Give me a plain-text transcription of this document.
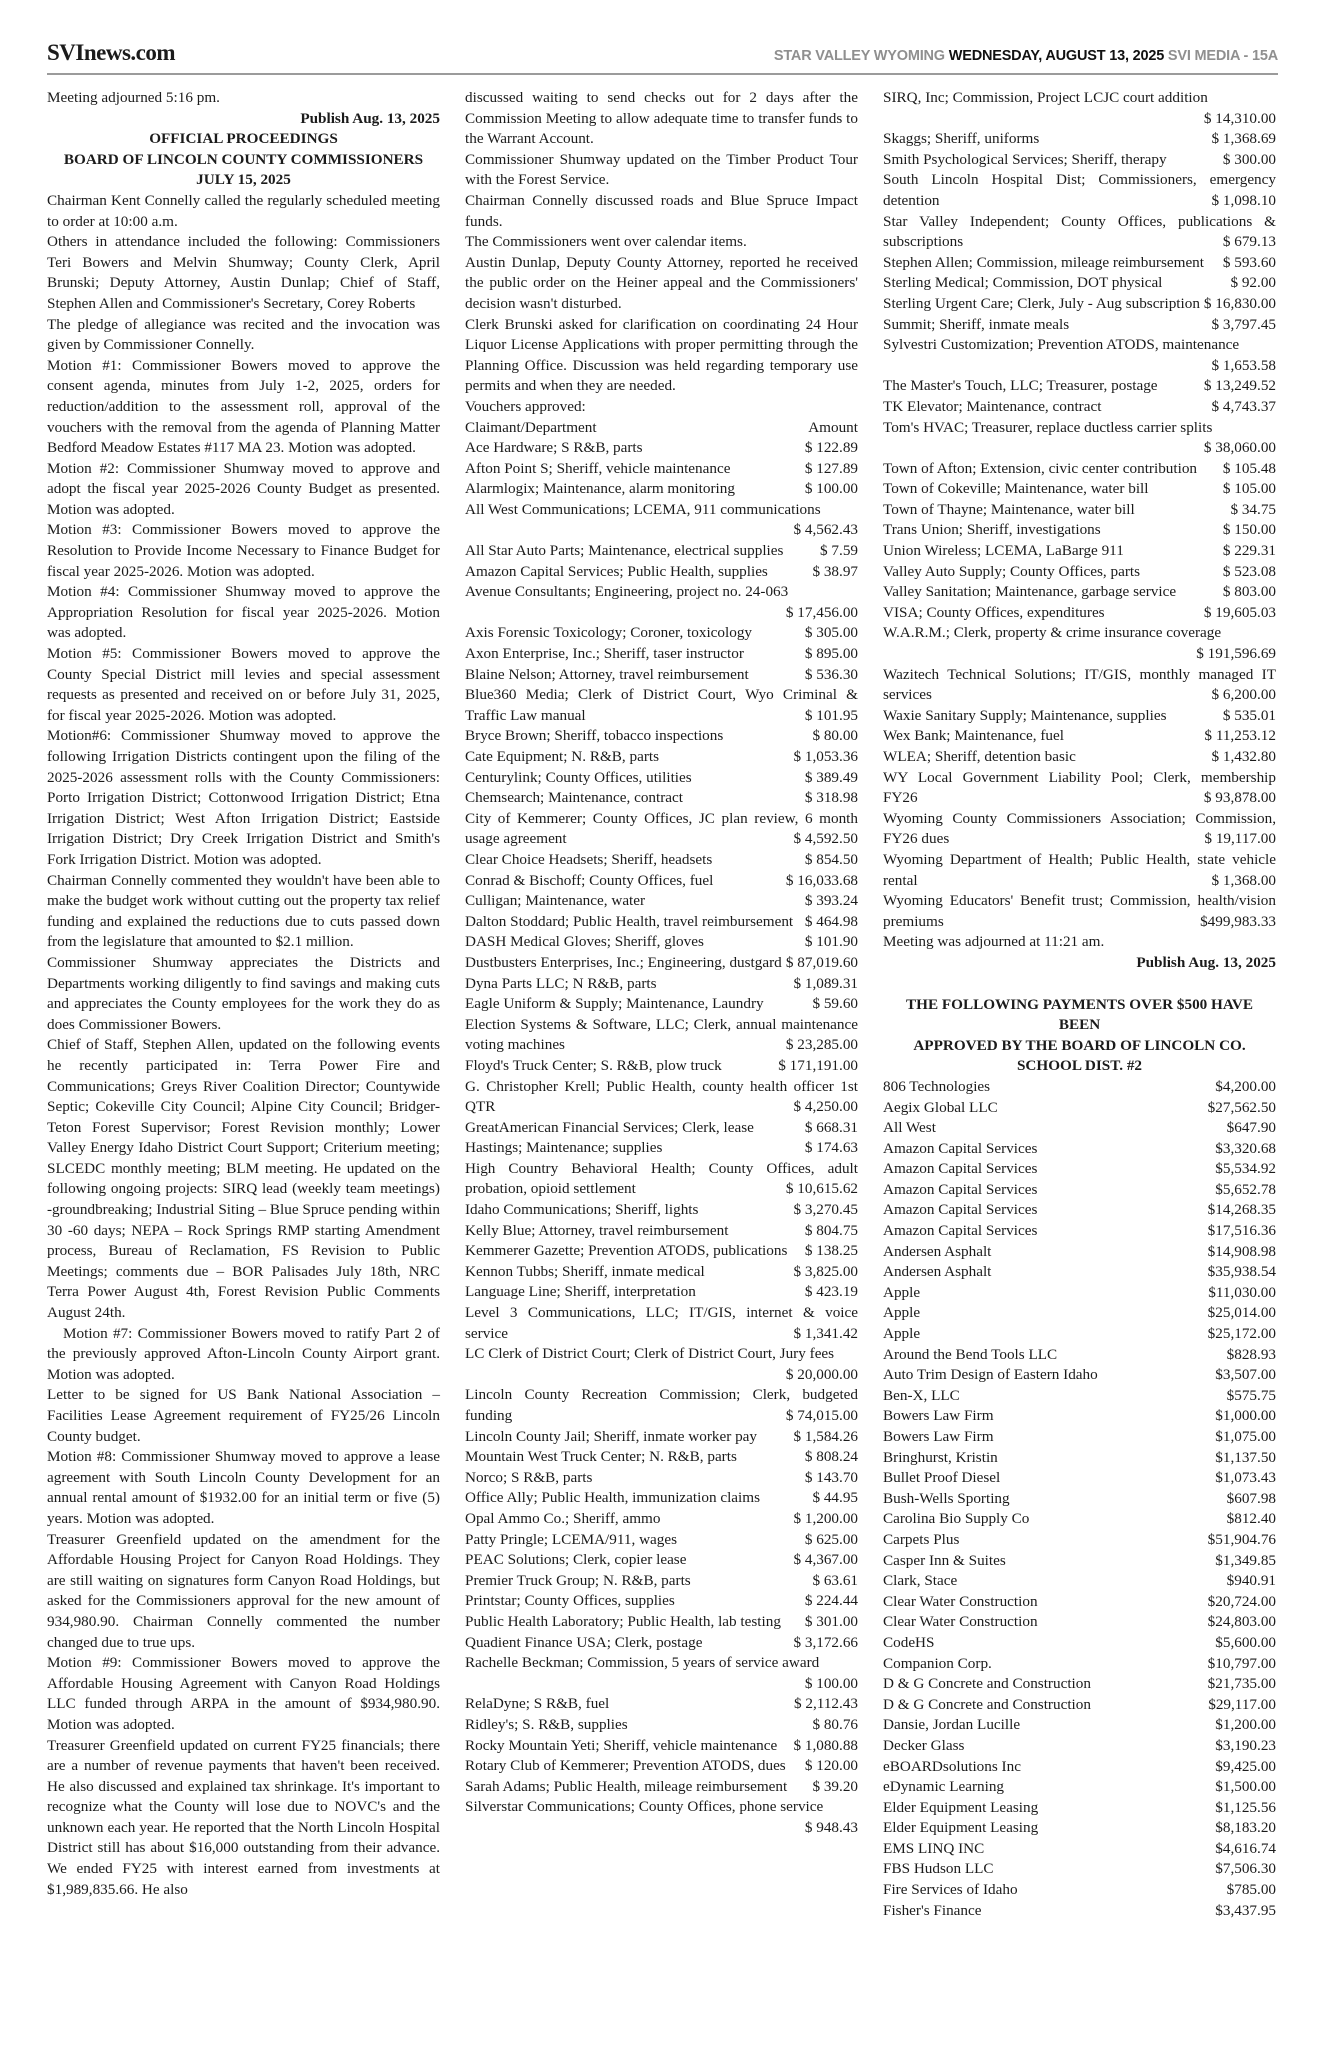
SVInews.com	STAR VALLEY WYOMING WEDNESDAY, AUGUST 13, 2025 SVI MEDIA - 15A

Meeting adjourned 5:16 pm.

Publish Aug. 13, 2025

OFFICIAL PROCEEDINGS

BOARD OF LINCOLN COUNTY COMMISSIONERS

JULY 15, 2025

Chairman Kent Connelly called the regularly scheduled meeting to order at 10:00 a.m.

Others in attendance included the following: Commissioners Teri Bowers and Melvin Shumway; County Clerk, April Brunski; Deputy Attorney, Austin Dunlap; Chief of Staff, Stephen Allen and Commissioner's Secretary, Corey Roberts

The pledge of allegiance was recited and the invocation was given by Commissioner Connelly.

Motion #1: Commissioner Bowers moved to approve the consent agenda, minutes from July 1-2, 2025, orders for reduction/addition to the assessment roll, approval of the vouchers with the removal from the agenda of Planning Matter Bedford Meadow Estates #117 MA 23. Motion was adopted.

Motion #2: Commissioner Shumway moved to approve and adopt the fiscal year 2025-2026 County Budget as presented. Motion was adopted.

Motion #3: Commissioner Bowers moved to approve the Resolution to Provide Income Necessary to Finance Budget for fiscal year 2025-2026. Motion was adopted.

Motion #4: Commissioner Shumway moved to approve the Appropriation Resolution for fiscal year 2025-2026. Motion was adopted.

Motion #5: Commissioner Bowers moved to approve the County Special District mill levies and special assessment requests as presented and received on or before July 31, 2025, for fiscal year 2025-2026. Motion was adopted.

Motion#6: Commissioner Shumway moved to approve the following Irrigation Districts contingent upon the filing of the 2025-2026 assessment rolls with the County Commissioners: Porto Irrigation District; Cottonwood Irrigation District; Etna Irrigation District; West Afton Irrigation District; Eastside Irrigation District; Dry Creek Irrigation District and Smith's Fork Irrigation District. Motion was adopted.

Chairman Connelly commented they wouldn't have been able to make the budget work without cutting out the property tax relief funding and explained the reductions due to cuts passed down from the legislature that amounted to $2.1 million.

Commissioner Shumway appreciates the Districts and Departments working diligently to find savings and making cuts and appreciates the County employees for the work they do as does Commissioner Bowers.

Chief of Staff, Stephen Allen, updated on the following events he recently participated in: Terra Power Fire and Communications; Greys River Coalition Director; Countywide Septic; Cokeville City Council; Alpine City Council; Bridger-Teton Forest Supervisor; Forest Revision monthly; Lower Valley Energy Idaho District Court Support; Criterium meeting; SLCEDC monthly meeting; BLM meeting. He updated on the following ongoing projects: SIRQ lead (weekly team meetings) -groundbreaking; Industrial Siting – Blue Spruce pending within 30 -60 days; NEPA – Rock Springs RMP starting Amendment process, Bureau of Reclamation, FS Revision to Public Meetings; comments due – BOR Palisades July 18th, NRC Terra Power August 4th, Forest Revision Public Comments August 24th.

Motion #7: Commissioner Bowers moved to ratify Part 2 of the previously approved Afton-Lincoln County Airport grant. Motion was adopted.

Letter to be signed for US Bank National Association – Facilities Lease Agreement requirement of FY25/26 Lincoln County budget.

Motion #8: Commissioner Shumway moved to approve a lease agreement with South Lincoln County Development for an annual rental amount of $1932.00 for an initial term or five (5) years. Motion was adopted.

Treasurer Greenfield updated on the amendment for the Affordable Housing Project for Canyon Road Holdings. They are still waiting on signatures form Canyon Road Holdings, but asked for the Commissioners approval for the new amount of 934,980.90. Chairman Connelly commented the number changed due to true ups.

Motion #9: Commissioner Bowers moved to approve the Affordable Housing Agreement with Canyon Road Holdings LLC funded through ARPA in the amount of $934,980.90. Motion was adopted.

Treasurer Greenfield updated on current FY25 financials; there are a number of revenue payments that haven't been received. He also discussed and explained tax shrinkage. It's important to recognize what the County will lose due to NOVC's and the unknown each year. He reported that the North Lincoln Hospital District still has about $16,000 outstanding from their advance. We ended FY25 with interest earned from investments at $1,989,835.66. He also

discussed waiting to send checks out for 2 days after the Commission Meeting to allow adequate time to transfer funds to the Warrant Account.

Commissioner Shumway updated on the Timber Product Tour with the Forest Service.

Chairman Connelly discussed roads and Blue Spruce Impact funds.

The Commissioners went over calendar items.

Austin Dunlap, Deputy County Attorney, reported he received the public order on the Heiner appeal and the Commissioners' decision wasn't disturbed.

Clerk Brunski asked for clarification on coordinating 24 Hour Liquor License Applications with proper permitting through the Planning Office. Discussion was held regarding temporary use permits and when they are needed.

Vouchers approved:

Claimant/Department	Amount
Ace Hardware; S R&B, parts	$ 122.89
Afton Point S; Sheriff, vehicle maintenance	$ 127.89
Alarmlogix; Maintenance, alarm monitoring	$ 100.00
All West Communications; LCEMA, 911 communications
$ 4,562.43
All Star Auto Parts; Maintenance, electrical supplies $ 7.59
Amazon Capital Services; Public Health, supplies	$ 38.97
Avenue Consultants; Engineering, project no. 24-063
$ 17,456.00
Axis Forensic Toxicology; Coroner, toxicology	$ 305.00
Axon Enterprise, Inc.; Sheriff, taser instructor	$ 895.00
Blaine Nelson; Attorney, travel reimbursement	$ 536.30
Blue360 Media; Clerk of District Court, Wyo Criminal & Traffic Law manual	$ 101.95
Bryce Brown; Sheriff, tobacco inspections	$ 80.00
Cate Equipment; N. R&B, parts	$ 1,053.36
Centurylink; County Offices, utilities	$ 389.49
Chemsearch; Maintenance, contract	$ 318.98
City of Kemmerer; County Offices, JC plan review, 6 month usage agreement	$ 4,592.50
Clear Choice Headsets; Sheriff, headsets	$ 854.50
Conrad & Bischoff; County Offices, fuel	$ 16,033.68
Culligan; Maintenance, water	$ 393.24
Dalton Stoddard; Public Health, travel reimbursement $ 464.98
DASH Medical Gloves; Sheriff, gloves	$ 101.90
Dustbusters Enterprises, Inc.; Engineering, dustgard $ 87,019.60
Dyna Parts LLC; N R&B, parts	$ 1,089.31
Eagle Uniform & Supply; Maintenance, Laundry	$ 59.60
Election Systems & Software, LLC; Clerk, annual maintenance voting machines	$ 23,285.00
Floyd's Truck Center; S. R&B, plow truck	$ 171,191.00
G. Christopher Krell; Public Health, county health officer 1st QTR	$ 4,250.00
GreatAmerican Financial Services; Clerk, lease	$ 668.31
Hastings; Maintenance; supplies	$ 174.63
High Country Behavioral Health; County Offices, adult probation, opioid settlement	$ 10,615.62
Idaho Communications; Sheriff, lights	$ 3,270.45
Kelly Blue; Attorney, travel reimbursement	$ 804.75
Kemmerer Gazette; Prevention ATODS, publications $ 138.25
Kennon Tubbs; Sheriff, inmate medical	$ 3,825.00
Language Line; Sheriff, interpretation	$ 423.19
Level 3 Communications, LLC; IT/GIS, internet & voice service	$ 1,341.42
LC Clerk of District Court; Clerk of District Court, Jury fees
$ 20,000.00
Lincoln County Recreation Commission; Clerk, budgeted funding	$ 74,015.00
Lincoln County Jail; Sheriff, inmate worker pay $ 1,584.26
Mountain West Truck Center; N. R&B, parts	$ 808.24
Norco; S R&B, parts	$ 143.70
Office Ally; Public Health, immunization claims	$ 44.95
Opal Ammo Co.; Sheriff, ammo	$ 1,200.00
Patty Pringle; LCEMA/911, wages	$ 625.00
PEAC Solutions; Clerk, copier lease	$ 4,367.00
Premier Truck Group; N. R&B, parts	$ 63.61
Printstar; County Offices, supplies	$ 224.44
Public Health Laboratory; Public Health, lab testing $ 301.00
Quadient Finance USA; Clerk, postage	$ 3,172.66
Rachelle Beckman; Commission, 5 years of service award
$ 100.00
RelaDyne; S R&B, fuel	$ 2,112.43
Ridley's; S. R&B, supplies	$ 80.76
Rocky Mountain Yeti; Sheriff, vehicle maintenance $ 1,080.88
Rotary Club of Kemmerer; Prevention ATODS, dues $ 120.00
Sarah Adams; Public Health, mileage reimbursement $ 39.20
Silverstar Communications; County Offices, phone service
$ 948.43
SIRQ, Inc; Commission, Project LCJC court addition
$ 14,310.00
Skaggs; Sheriff, uniforms	$ 1,368.69
Smith Psychological Services; Sheriff, therapy	$ 300.00
South Lincoln Hospital Dist; Commissioners, emergency detention	$ 1,098.10
Star Valley Independent; County Offices, publications & subscriptions	$ 679.13
Stephen Allen; Commission, mileage reimbursement $ 593.60
Sterling Medical; Commission, DOT physical	$ 92.00
Sterling Urgent Care; Clerk, July - Aug subscription $ 16,830.00
Summit; Sheriff, inmate meals	$ 3,797.45
Sylvestri Customization; Prevention ATODS, maintenance
$ 1,653.58
The Master's Touch, LLC; Treasurer, postage	$ 13,249.52
TK Elevator; Maintenance, contract	$ 4,743.37
Tom's HVAC; Treasurer, replace ductless carrier splits
$ 38,060.00
Town of Afton; Extension, civic center contribution $ 105.48
Town of Cokeville; Maintenance, water bill	$ 105.00
Town of Thayne; Maintenance, water bill	$ 34.75
Trans Union; Sheriff, investigations	$ 150.00
Union Wireless; LCEMA, LaBarge 911	$ 229.31
Valley Auto Supply; County Offices, parts	$ 523.08
Valley Sanitation; Maintenance, garbage service	$ 803.00
VISA; County Offices, expenditures	$ 19,605.03
W.A.R.M.; Clerk, property & crime insurance coverage
$ 191,596.69
Wazitech Technical Solutions; IT/GIS, monthly managed IT services	$ 6,200.00
Waxie Sanitary Supply; Maintenance, supplies	$ 535.01
Wex Bank; Maintenance, fuel	$ 11,253.12
WLEA; Sheriff, detention basic	$ 1,432.80
WY Local Government Liability Pool; Clerk, membership FY26	$ 93,878.00
Wyoming County Commissioners Association; Commission, FY26 dues	$ 19,117.00
Wyoming Department of Health; Public Health, state vehicle rental	$ 1,368.00
Wyoming Educators' Benefit trust; Commission, health/vision premiums	$499,983.33

Meeting was adjourned at 11:21 am.

Publish Aug. 13, 2025

THE FOLLOWING PAYMENTS OVER $500 HAVE
BEEN
APPROVED BY THE BOARD OF LINCOLN CO.
SCHOOL DIST. #2
806 Technologies	$4,200.00
Aegix Global LLC	$27,562.50
All West	$647.90
Amazon Capital Services	$3,320.68
Amazon Capital Services	$5,534.92
Amazon Capital Services	$5,652.78
Amazon Capital Services	$14,268.35
Amazon Capital Services	$17,516.36
Andersen Asphalt	$14,908.98
Andersen Asphalt	$35,938.54
Apple	$11,030.00
Apple	$25,014.00
Apple	$25,172.00
Around the Bend Tools LLC	$828.93
Auto Trim Design of Eastern Idaho	$3,507.00
Ben-X, LLC	$575.75
Bowers Law Firm	$1,000.00
Bowers Law Firm	$1,075.00
Bringhurst, Kristin	$1,137.50
Bullet Proof Diesel	$1,073.43
Bush-Wells Sporting	$607.98
Carolina Bio Supply Co	$812.40
Carpets Plus	$51,904.76
Casper Inn & Suites	$1,349.85
Clark, Stace	$940.91
Clear Water Construction	$20,724.00
Clear Water Construction	$24,803.00
CodeHS	$5,600.00
Companion Corp.	$10,797.00
D & G Concrete and Construction	$21,735.00
D & G Concrete and Construction	$29,117.00
Dansie, Jordan Lucille	$1,200.00
Decker Glass	$3,190.23
eBOARDsolutions Inc	$9,425.00
eDynamic Learning	$1,500.00
Elder Equipment Leasing	$1,125.56
Elder Equipment Leasing	$8,183.20
EMS LINQ INC	$4,616.74
FBS Hudson LLC	$7,506.30
Fire Services of Idaho	$785.00
Fisher's Finance	$3,437.95
